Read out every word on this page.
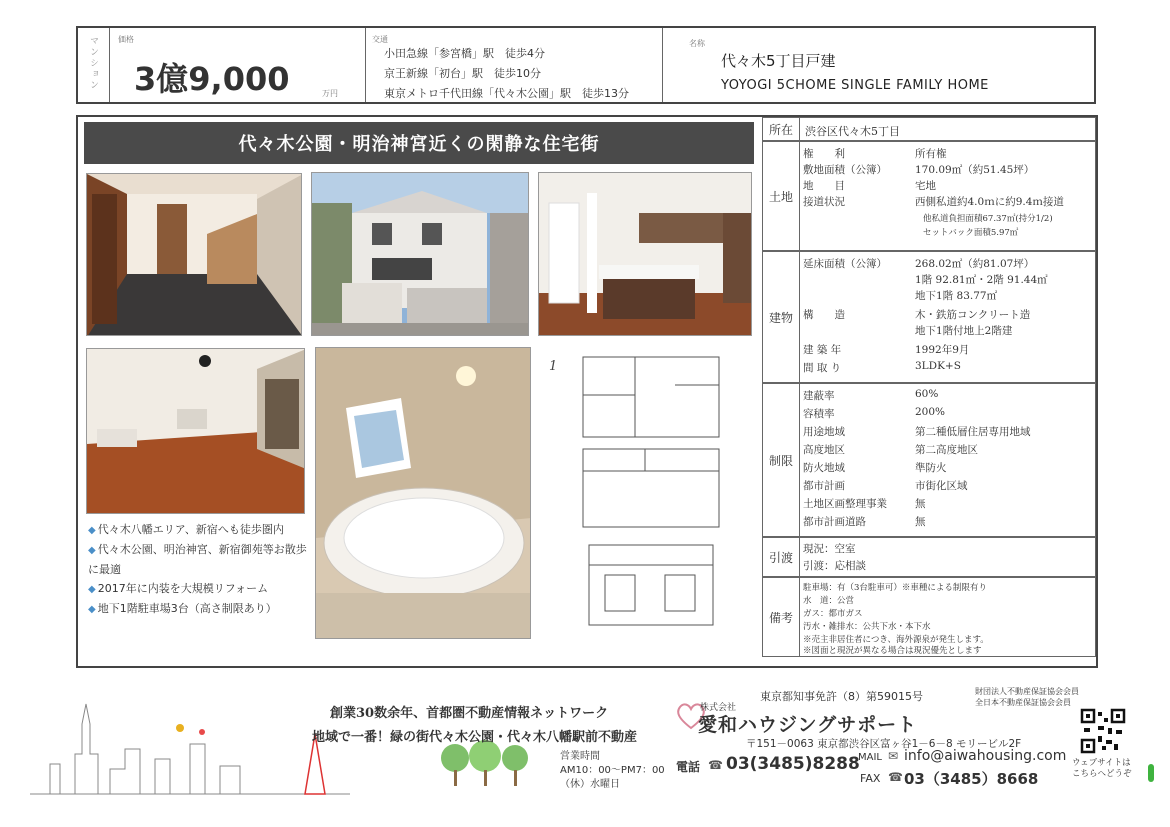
マンション	価格
3億9,000	万円
交通
小田急線「参宮橋」駅　徒歩4分
京王新線「初台」駅　徒歩10分
東京メトロ千代田線「代々木公園」駅　徒歩13分
名称
代々木5丁目戸建
YOYOGI 5CHOME SINGLE FAMILY HOME
代々木公園・明治神宮近くの閑静な住宅街
1
◆ 代々木八幡エリア、新宿へも徒歩圏内
◆ 代々木公園、明治神宮、新宿御苑等お散歩に最適
◆ 2017年に内装を大規模リフォーム
◆ 地下1階駐車場3台（高さ制限あり）
所在	渋谷区代々木5丁目
土地
権　　利	所有権
敷地面積（公簿）	170.09㎡（約51.45坪）
地　　目	宅地
接道状況	西側私道約4.0ｍに約9.4ｍ接道
他私道負担面積67.37㎡(持分1/2)
セットバック面積5.97㎡
建物
延床面積（公簿）	268.02㎡（約81.07坪）
1階 92.81㎡・2階 91.44㎡
地下1階 83.77㎡
構　　造	木・鉄筋コンクリート造
地下1階付地上2階建
建 築 年	1992年9月
間 取 り	3LDK+S
制限
建蔽率	60%
容積率	200%
用途地域	第二種低層住居専用地域
高度地区	第二高度地区
防火地域	準防火
都市計画	市街化区域
土地区画整理事業	無
都市計画道路	無
引渡
現況：空室
引渡：応相談
備考
駐車場：有（3台駐車可）※車種による制限有り
水　道：公営
ガス：都市ガス
汚水・雑排水：公共下水・本下水
※売主非居住者につき、海外源泉が発生します。
※図面と現況が異なる場合は現況優先とします
創業30数余年、首都圏不動産情報ネットワーク
地域で一番！緑の街代々木公園・代々木八幡駅前不動産
営業時間
AM10：00～PM7：00
（休）水曜日
東京都知事免許（8）第59015号	財団法人不動産保証協会会員
全日本不動産保証協会会員
株式会社
愛和ハウジングサポート
〒151－0063 東京都渋谷区富ヶ谷1－6－8 モリービル2F
電話 ☎ 03(3485)8288
MAIL ✉ info@aiwahousing.com
FAX ☎ 03（3485）8668
ウェブサイトは
こちらへどうぞ
